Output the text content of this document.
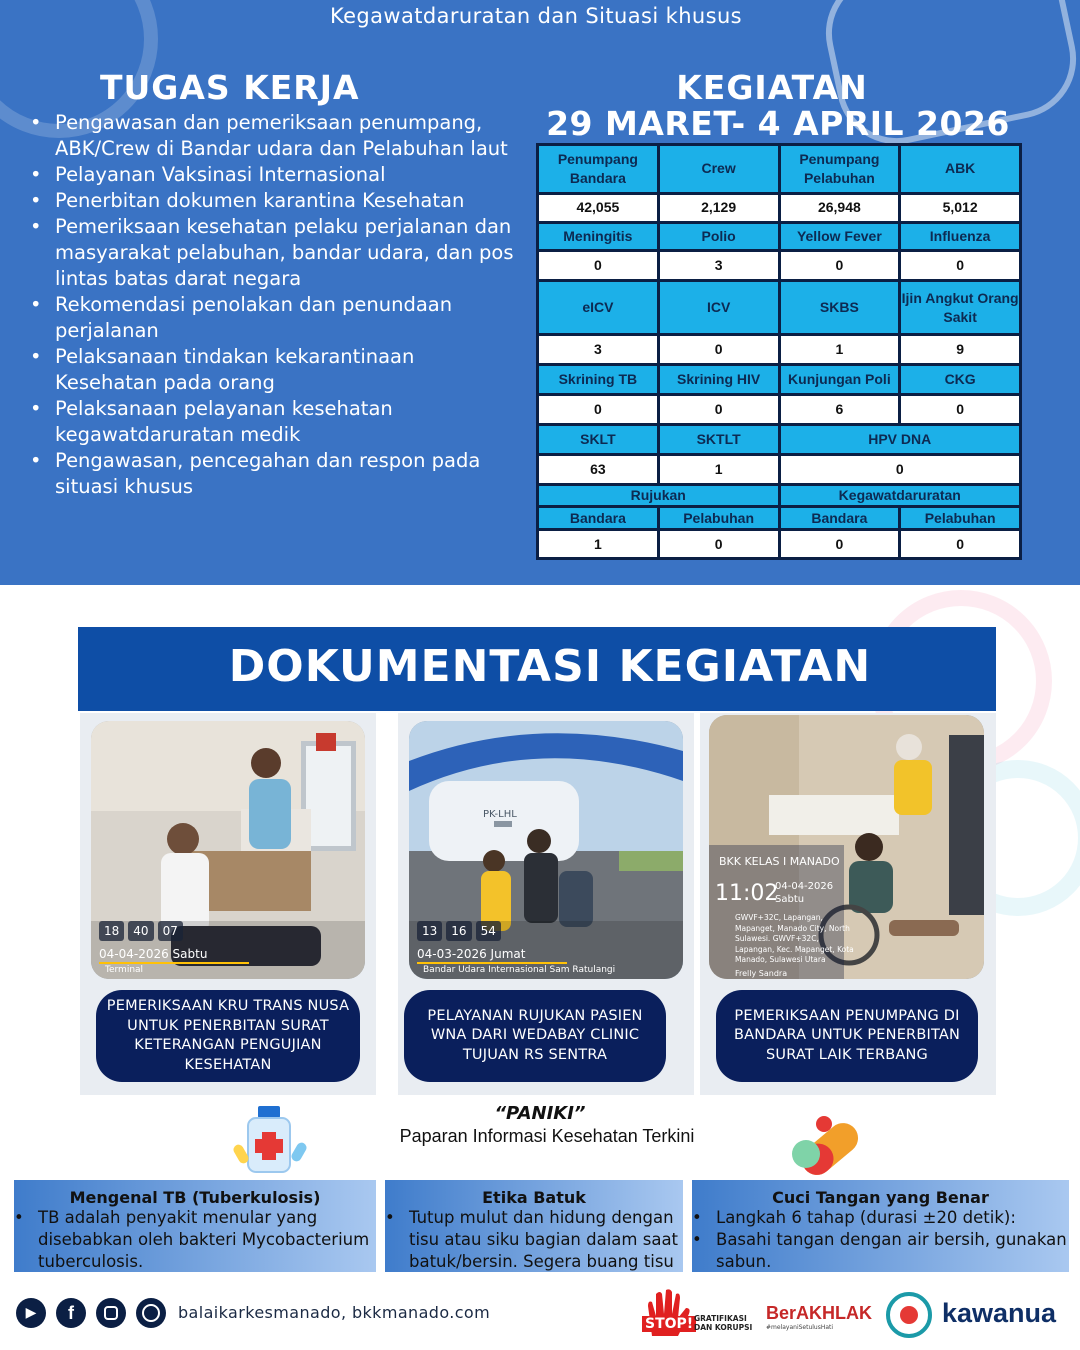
Kegawatdaruratan dan Situasi khusus
TUGAS KERJA	KEGIATAN
29 MARET- 4 APRIL 2026
• Pengawasan dan pemeriksaan penumpang, ABK/Crew di Bandar udara dan Pelabuhan laut
• Pelayanan Vaksinasi Internasional
• Penerbitan dokumen karantina Kesehatan
• Pemeriksaan kesehatan pelaku perjalanan dan masyarakat pelabuhan, bandar udara, dan pos lintas batas darat negara
• Rekomendasi penolakan dan penundaan perjalanan
• Pelaksanaan tindakan kekarantinaan Kesehatan pada orang
• Pelaksanaan pelayanan kesehatan kegawatdaruratan medik
• Pengawasan, pencegahan dan respon pada situasi khusus
Penumpang Bandara	Crew	Penumpang Pelabuhan	ABK
42,055	2,129	26,948	5,012
Meningitis	Polio	Yellow Fever	Influenza
0	3	0	0
eICV	ICV	SKBS	Ijin Angkut Orang Sakit
3	0	1	9
Skrining TB	Skrining HIV	Kunjungan Poli	CKG
0	0	6	0
SKLT	SKTLT	HPV DNA	
63	1	0	
Rujukan		Kegawatdaruratan	
Bandara	Pelabuhan	Bandara	Pelabuhan
1	0	0	0
DOKUMENTASI KEGIATAN
18	40	07
04-04-2026 Sabtu
Terminal
PEMERIKSAAN KRU TRANS NUSA UNTUK PENERBITAN SURAT KETERANGAN PENGUJIAN KESEHATAN
PK-LHL
13	16	54
04-03-2026 Jumat
Bandar Udara Internasional Sam Ratulangi
PELAYANAN RUJUKAN PASIEN WNA DARI WEDABAY CLINIC TUJUAN RS SENTRA
BKK KELAS I MANADO
11:02
04-04-2026
Sabtu
GWVF+32C, Lapangan, Mapanget, Manado City, North Sulawesi. GWVF+32C, Lapangan, Kec. Mapanget, Kota Manado, Sulawesi Utara
Frelly Sandra
PEMERIKSAAN PENUMPANG DI BANDARA UNTUK PENERBITAN SURAT LAIK TERBANG
“PANIKI”
Paparan Informasi Kesehatan Terkini
Mengenal TB (Tuberkulosis)
• TB adalah penyakit menular yang disebabkan oleh bakteri Mycobacterium tuberculosis.
Etika Batuk
• Tutup mulut dan hidung dengan tisu atau siku bagian dalam saat batuk/bersin. Segera buang tisu
Cuci Tangan yang Benar
• Langkah 6 tahap (durasi ±20 detik):
• Basahi tangan dengan air bersih, gunakan sabun.
▶	f	balaikarkesmanado, bkkmanado.com
STOP! GRATIFIKASI DAN KORUPSI
BerAKHLAK
#melayaniSetulusHati	kawanua
